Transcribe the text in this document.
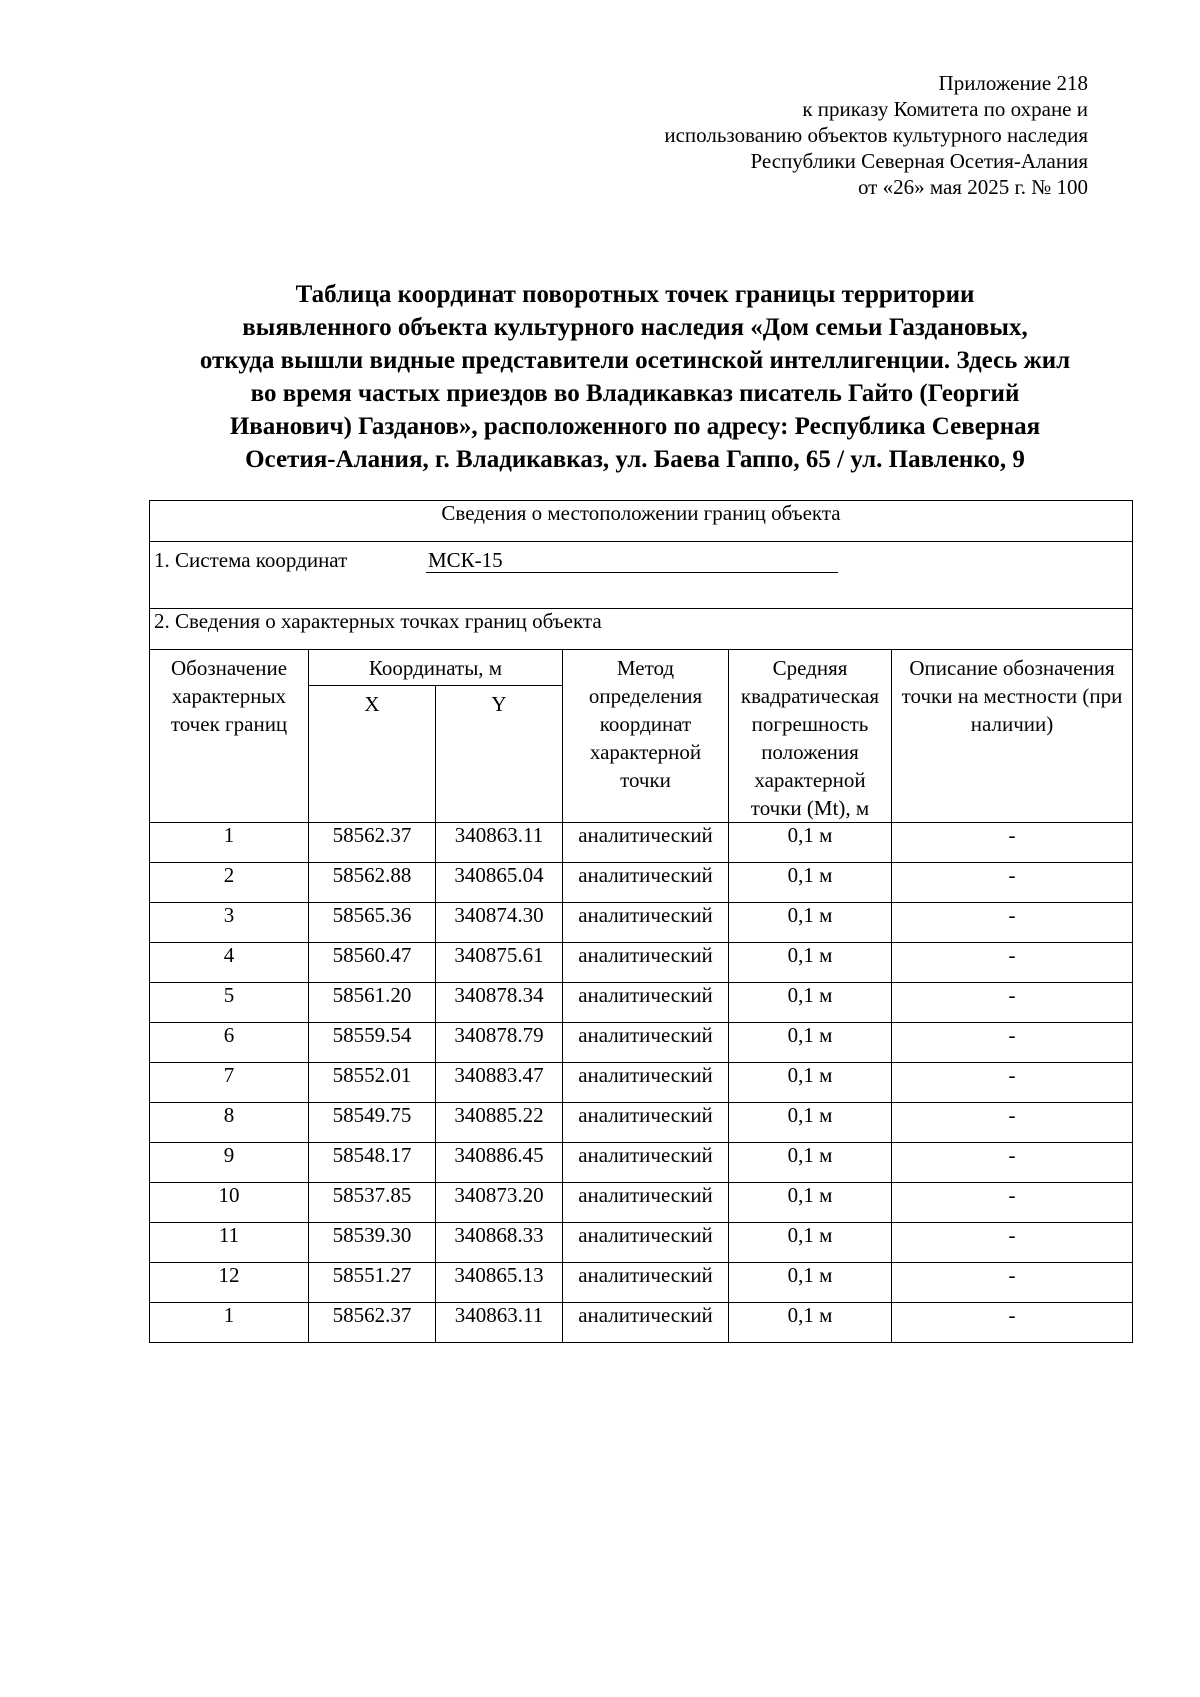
Приложение 218
к приказу Комитета по охране и
использованию объектов культурного наследия
Республики Северная Осетия-Алания
от «26» мая 2025 г. № 100
Таблица координат поворотных точек границы территории
выявленного объекта культурного наследия «Дом семьи Газдановых,
откуда вышли видные представители осетинской интеллигенции. Здесь жил
во время частых приездов во Владикавказ писатель Гайто (Георгий
Иванович) Газданов», расположенного по адресу: Республика Северная
Осетия-Алания, г. Владикавказ, ул. Баева Гаппо, 65 / ул. Павленко, 9
Сведения о местоположении границ объекта					
1. Система координат МСК-15					
2. Сведения о характерных точках границ объекта					
Обозначение характерных точек границ	Координаты, м		Метод определения координат характерной точки	Средняя квадратическая погрешность положения характерной точки (Mt), м	Описание обозначения точки на местности (при наличии)
	X	Y			
1	58562.37	340863.11	аналитический	0,1 м	-
2	58562.88	340865.04	аналитический	0,1 м	-
3	58565.36	340874.30	аналитический	0,1 м	-
4	58560.47	340875.61	аналитический	0,1 м	-
5	58561.20	340878.34	аналитический	0,1 м	-
6	58559.54	340878.79	аналитический	0,1 м	-
7	58552.01	340883.47	аналитический	0,1 м	-
8	58549.75	340885.22	аналитический	0,1 м	-
9	58548.17	340886.45	аналитический	0,1 м	-
10	58537.85	340873.20	аналитический	0,1 м	-
11	58539.30	340868.33	аналитический	0,1 м	-
12	58551.27	340865.13	аналитический	0,1 м	-
1	58562.37	340863.11	аналитический	0,1 м	-
